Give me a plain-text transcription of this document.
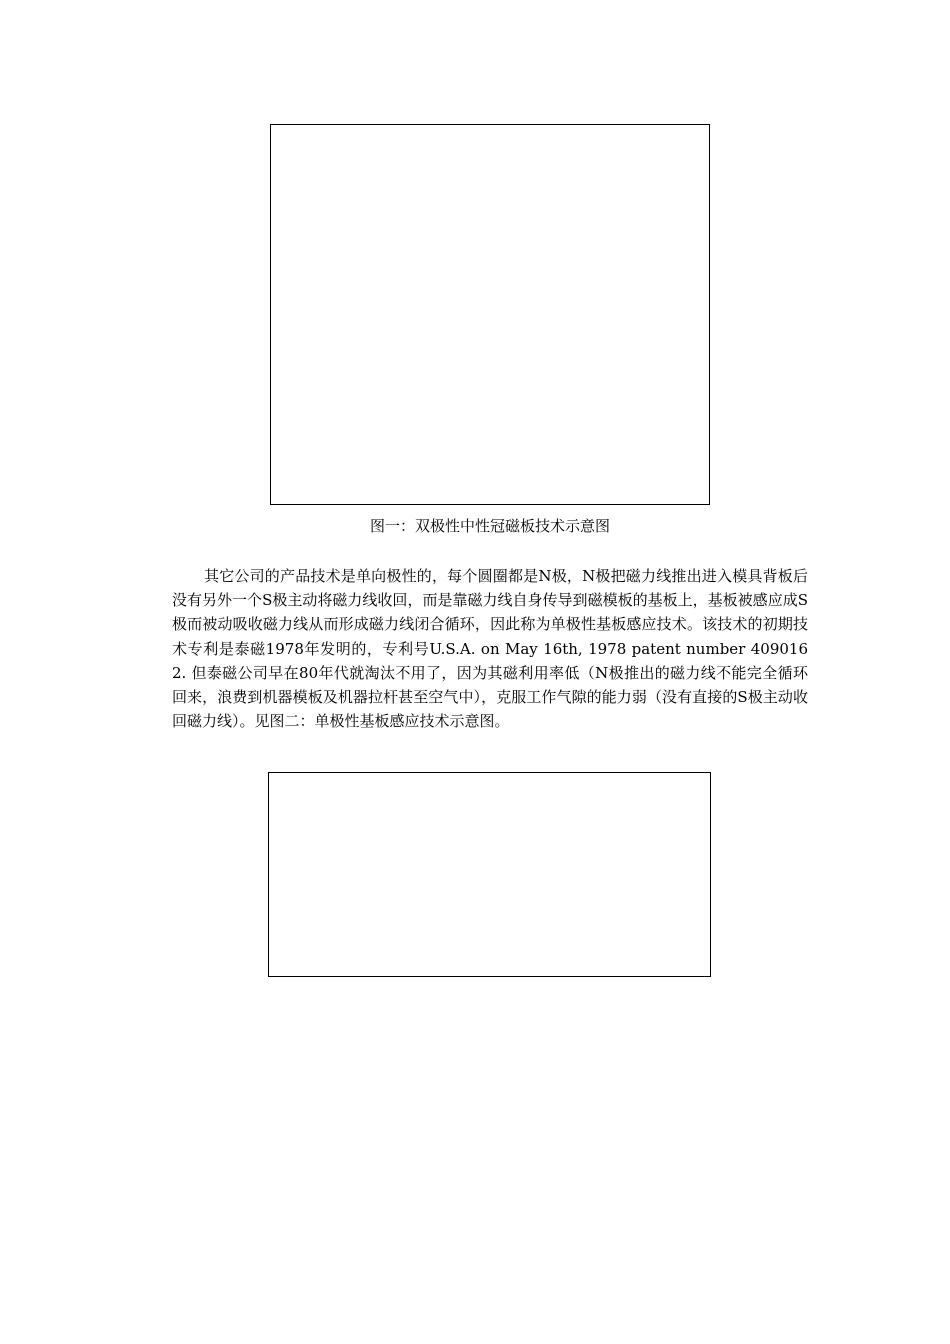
图一：双极性中性冠磁板技术示意图

其它公司的产品技术是单向极性的，每个圆圈都是N极，N极把磁力线推出进入模具背板后没有另外一个S极主动将磁力线收回，而是靠磁力线自身传导到磁模板的基板上，基板被感应成S极而被动吸收磁力线从而形成磁力线闭合循环，因此称为单极性基板感应技术。该技术的初期技术专利是泰磁1978年发明的，专利号U.S.A. on May 16th, 1978 patent number 4090162. 但泰磁公司早在80年代就淘汰不用了，因为其磁利用率低（N极推出的磁力线不能完全循环回来，浪费到机器模板及机器拉杆甚至空气中），克服工作气隙的能力弱（没有直接的S极主动收回磁力线）。见图二：单极性基板感应技术示意图。
